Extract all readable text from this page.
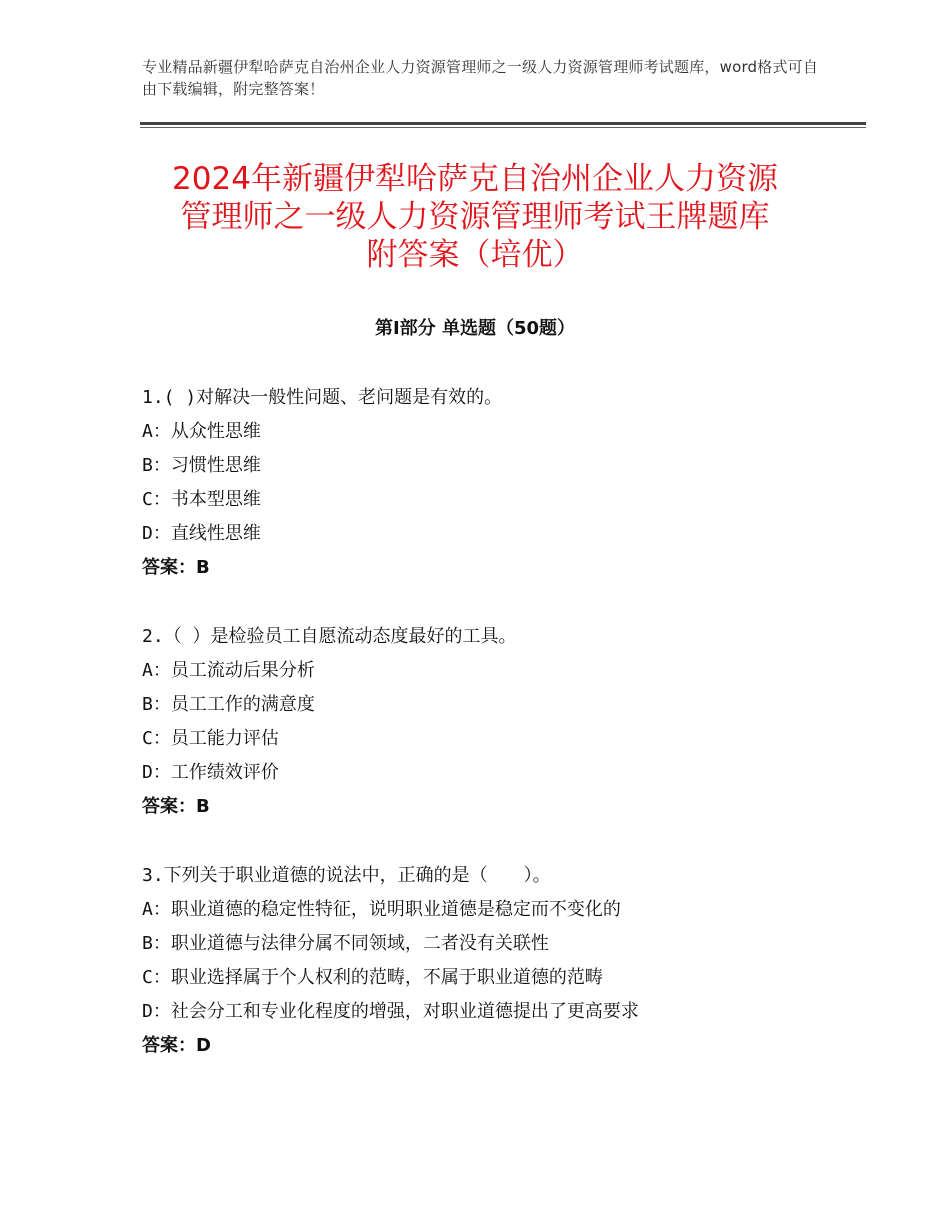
专业精品新疆伊犁哈萨克自治州企业人力资源管理师之一级人力资源管理师考试题库，word格式可自由下载编辑，附完整答案！
2024年新疆伊犁哈萨克自治州企业人力资源
管理师之一级人力资源管理师考试王牌题库
附答案（培优）
第Ⅰ部分 单选题（50题）
1.( )对解决一般性问题、老问题是有效的。
A：从众性思维
B：习惯性思维
C：书本型思维
D：直线性思维
答案：B
2.（ ）是检验员工自愿流动态度最好的工具。
A：员工流动后果分析
B：员工工作的满意度
C：员工能力评估
D：工作绩效评价
答案：B
3.下列关于职业道德的说法中，正确的是（　　）。
A：职业道德的稳定性特征，说明职业道德是稳定而不变化的
B：职业道德与法律分属不同领域，二者没有关联性
C：职业选择属于个人权利的范畴，不属于职业道德的范畴
D：社会分工和专业化程度的增强，对职业道德提出了更高要求
答案：D
